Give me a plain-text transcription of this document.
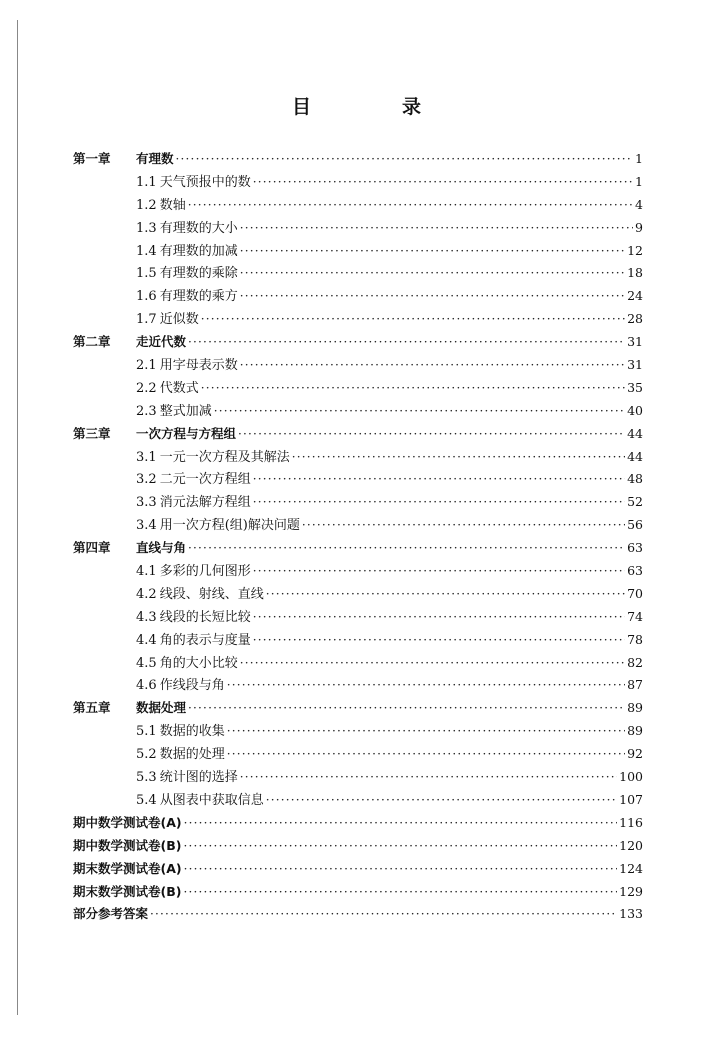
目　录
第一章 有理数 ·····	1
1.1 天气预报中的数 ·····	1
1.2 数轴 ·····	4
1.3 有理数的大小 ·····	9
1.4 有理数的加减 ·····	12
1.5 有理数的乘除 ·····	18
1.6 有理数的乘方 ·····	24
1.7 近似数 ·····	28
第二章 走近代数 ·····	31
2.1 用字母表示数 ·····	31
2.2 代数式 ·····	35
2.3 整式加减 ·····	40
第三章 一次方程与方程组 ·····	44
3.1 一元一次方程及其解法 ·····	44
3.2 二元一次方程组 ·····	48
3.3 消元法解方程组 ·····	52
3.4 用一次方程(组)解决问题 ·····	56
第四章 直线与角 ·····	63
4.1 多彩的几何图形 ·····	63
4.2 线段、射线、直线 ·····	70
4.3 线段的长短比较 ·····	74
4.4 角的表示与度量 ·····	78
4.5 角的大小比较 ·····	82
4.6 作线段与角 ·····	87
第五章 数据处理 ·····	89
5.1 数据的收集 ·····	89
5.2 数据的处理 ·····	92
5.3 统计图的选择 ·····	100
5.4 从图表中获取信息 ·····	107
期中数学测试卷(A) ·····	116
期中数学测试卷(B) ·····	120
期末数学测试卷(A) ·····	124
期末数学测试卷(B) ·····	129
部分参考答案 ·····	133
